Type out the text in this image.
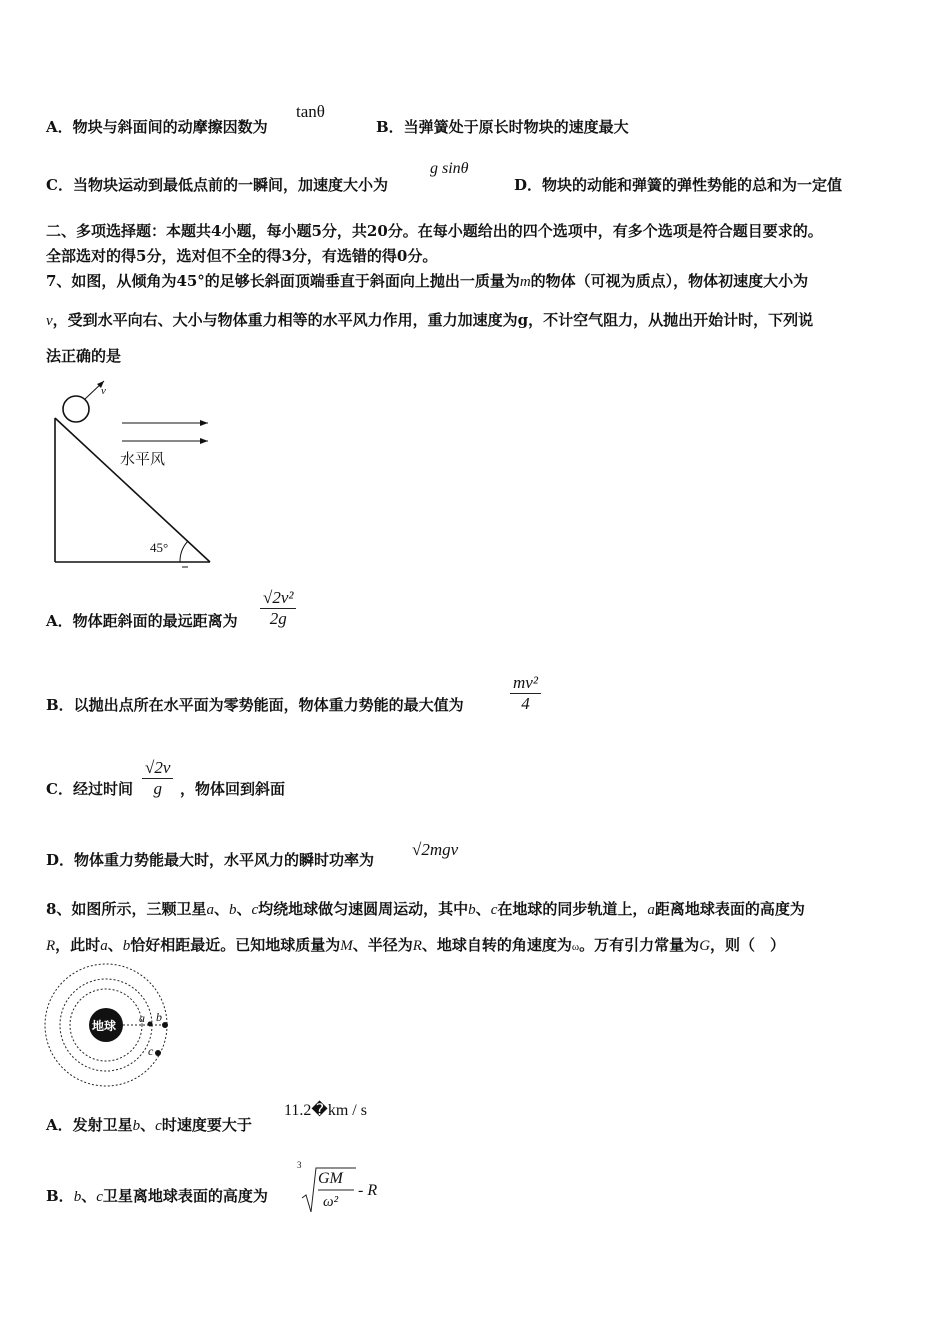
A．物块与斜面间的动摩擦因数为
tanθ
B．当弹簧处于原长时物块的速度最大
C．当物块运动到最低点前的一瞬间，加速度大小为
g sinθ
D．物块的动能和弹簧的弹性势能的总和为一定值
二、多项选择题：本题共4小题，每小题5分，共20分。在每小题给出的四个选项中，有多个选项是符合题目要求的。
全部选对的得5分，选对但不全的得3分，有选错的得0分。
7、如图，从倾角为45°的足够长斜面顶端垂直于斜面向上抛出一质量为m的物体（可视为质点），物体初速度大小为
v，受到水平向右、大小与物体重力相等的水平风力作用，重力加速度为g，不计空气阻力，从抛出开始计时，下列说
法正确的是
v
水平风
45°
A．物体距斜面的最远距离为 $\frac{\text{√2v²}}{2g}$
B．以抛出点所在水平面为零势能面，物体重力势能的最大值为	$\frac{\text{mv²}}{4}$
C．经过时间 $\frac{√2v}{g}$ ，物体回到斜面
D．物体重力势能最大时，水平风力的瞬时功率为
√2mgv
8、如图所示，三颗卫星a、b、c均绕地球做匀速圆周运动，其中b、c在地球的同步轨道上，a距离地球表面的高度为
R，此时a、b恰好相距最近。已知地球质量为M、半径为R、地球自转的角速度为ω。万有引力常量为G，则（　）
地球
a b
c
A．发射卫星b、c时速度要大于
11.2�km / s
B．b、c卫星离地球表面的高度为
3
GM
ω²
- R
